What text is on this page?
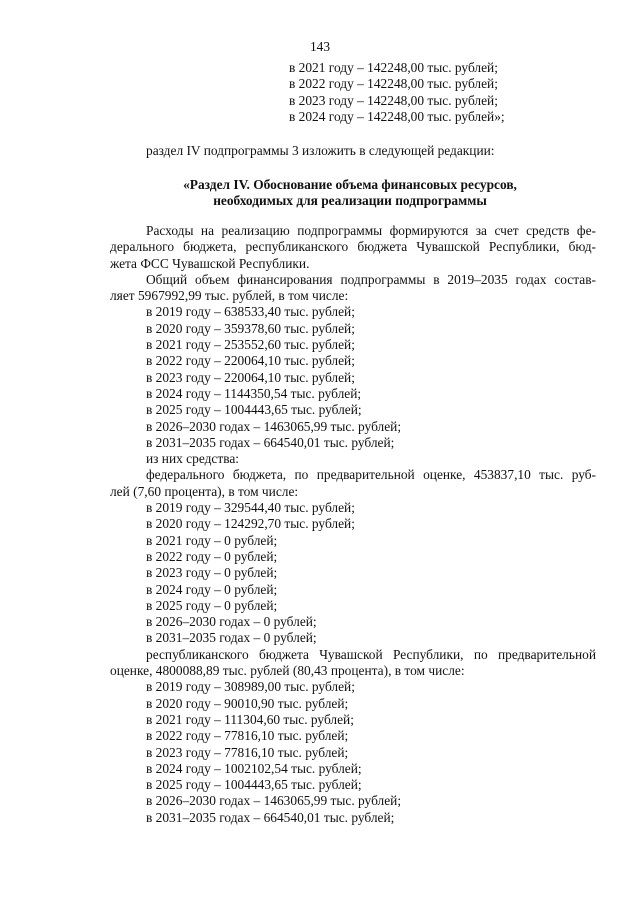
143
в 2021 году – 142248,00 тыс. рублей;
в 2022 году – 142248,00 тыс. рублей;
в 2023 году – 142248,00 тыс. рублей;
в 2024 году – 142248,00 тыс. рублей»;
раздел IV подпрограммы 3 изложить в следующей редакции:
«Раздел IV. Обоснование объема финансовых ресурсов,
необходимых для реализации подпрограммы
Расходы на реализацию подпрограммы формируются за счет средств фе-
дерального бюджета, республиканского бюджета Чувашской Республики, бюд-
жета ФСС Чувашской Республики.
Общий объем финансирования подпрограммы в 2019–2035 годах состав-
ляет 5967992,99 тыс. рублей, в том числе:
в 2019 году – 638533,40 тыс. рублей;
в 2020 году – 359378,60 тыс. рублей;
в 2021 году – 253552,60 тыс. рублей;
в 2022 году – 220064,10 тыс. рублей;
в 2023 году – 220064,10 тыс. рублей;
в 2024 году – 1144350,54 тыс. рублей;
в 2025 году – 1004443,65 тыс. рублей;
в 2026–2030 годах – 1463065,99 тыс. рублей;
в 2031–2035 годах – 664540,01 тыс. рублей;
из них средства:
федерального бюджета, по предварительной оценке, 453837,10 тыс. руб-
лей (7,60 процента), в том числе:
в 2019 году – 329544,40 тыс. рублей;
в 2020 году – 124292,70 тыс. рублей;
в 2021 году – 0 рублей;
в 2022 году – 0 рублей;
в 2023 году – 0 рублей;
в 2024 году – 0 рублей;
в 2025 году – 0 рублей;
в 2026–2030 годах – 0 рублей;
в 2031–2035 годах – 0 рублей;
республиканского бюджета Чувашской Республики, по предварительной
оценке, 4800088,89 тыс. рублей (80,43 процента), в том числе:
в 2019 году – 308989,00 тыс. рублей;
в 2020 году – 90010,90 тыс. рублей;
в 2021 году – 111304,60 тыс. рублей;
в 2022 году – 77816,10 тыс. рублей;
в 2023 году – 77816,10 тыс. рублей;
в 2024 году – 1002102,54 тыс. рублей;
в 2025 году – 1004443,65 тыс. рублей;
в 2026–2030 годах – 1463065,99 тыс. рублей;
в 2031–2035 годах – 664540,01 тыс. рублей;
